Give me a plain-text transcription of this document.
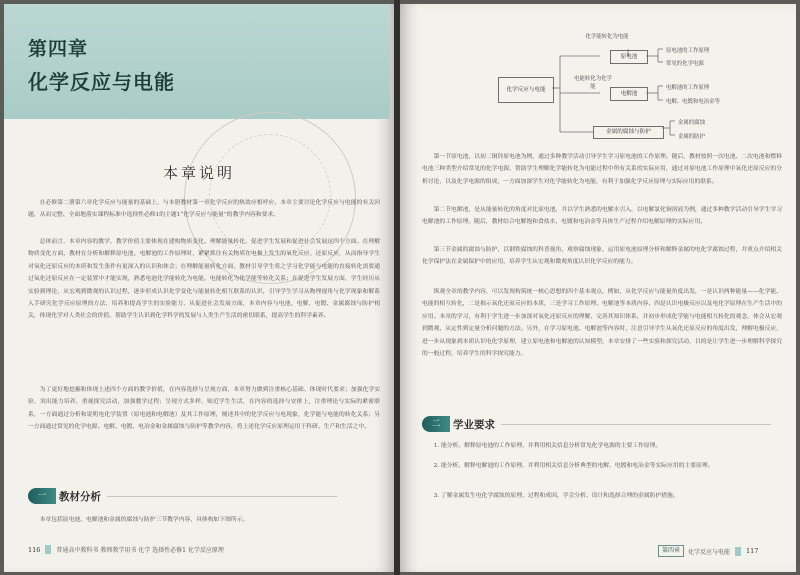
第四章
化学反应与电能
本章说明

在必修第二册第六章化学反应与能量的基础上，与本册教材第一章化学反应的热效应相呼应，本章主要讨论化学反应与电能的有关问题，从而完整、全面地落实课程标准中选择性必修1的主题1“化学反应与能量”的教学内容和要求。

总体而言，本章内容的教学，教学价值主要体现在建构物质变化、理解能量转化、促进学生发展和促进社会发展这四个方面。在理解物质变化方面，教材在分析和解释原电池、电解池的工作原理时，紧紧抓住有关物质在电极上发生的氧化反应、还原反应，从而指导学生对氧化还原反应的本质和发生条件有更深入的认识和体会；在理解能量转化方面，教材引导学生将之学习化学能与电能的直接转化需要通过氧化还原反应在一定装置中才能实现，熟悉电池化学能转化为电能，电能转化为化学能等转化关系；在促进学生发展方面，学生经历从实验到理论，从宏观到微观的认识过程，逐步形成认识化学变化与能量转化相互联系的认识，引导学生学习从物理视角与化学现象和解系入手研究化学反应原理的方法，培养和提高学生的实验能力，从促进社会发展方面，本章内容与电池、电解、电镀、金属腐蚀与防护相关，体现化学对人类社会的价值，帮助学生认识到化学科学的发展与人类生产生活的密切联系，提高学生的科学素养。

为了更好地挖掘和体现上述四个方面的教学价值，在内容选择与呈现方面，本章努力做到注重核心基础、体现时代要求；加强化学实验，突出能力培养，重视探究活动，加强教学过程；呈现方式多样，贴近学生生活，在内容的选择与安排上，注重理论与实际的紧密联系，一方面通过分析和说明电化学装置（原电池和电解池）及其工作原理，阐述其中的化学反应与电现象，化学能与电能的转化关系；另一方面通过常见的化学电源、电解、电镀、电冶金和金属腐蚀与防护等教学内容，将上述化学反应原理运用于科研、生产和生活之中。

一	教材分析

本章包括原电池、电解池和金属的腐蚀与防护三节教学内容，具体构如下图所示。

116	普通高中教科书 教师教学用书 化学 选择性必修1 化学反应原理
化学反应与电能
化学能转化为电能
原电池
电能转化为化学能
电解池
金属的腐蚀与防护
原电池的工作原理
常见的化学电源
电解池的工作原理
电解、电镀和电冶金等
金属的腐蚀
金属的防护

第一节原电池，以初二铜锌原电池为例，通过多种教学活动引导学生学习原电池的工作原理。随后，教材按照一次电池、二次电池和燃料电池三种类型介绍常见的化学电源，帮助学生理解化学能转化为电能过程中所有关系的实际应用，通过对原电池工作原理中氧化还原反应的分析讨论，以及化学电源的组成，一方面加深学生对化学能转化为电能，有利于加强化学反应原理与实际应用的联系。

第二节电解池，是从能量转化的角度对比原电池，并以学生熟悉的电解水引入，以电解氯化铜溶液为例，通过多种教学活动引导学生学习电解池的工作原理。随后，教材结合电解饱和食盐水、电镀和电冶金等具体生产过程介绍电解原理的实际应用。

第三节金属的腐蚀与防护，以钢铁腐蚀的科普视角，观察腐蚀现象，运用原电池原理分析和解释金属的电化学腐蚀过程，并重点介绍相关化学保护法在金属保护中的应用，培养学生从宏观和微观角度认识化学反应的能力。

纵观全章的教学内容，可以发现构筑统一核心思想的四个基本观点，例如，从化学反应与能量角度出发，一是认识两种能量——化学能、电能的相互转化，二是揭示氧化还原反应的本质，三是学习工作原理、电解池等本质内容，四是认识电极反应以及电化学原理在生产生活中的应用。本章的学习，有利于学生进一步加深对氧化还原反应的理解，完善其知识体系，并初步形成化学能与电能相互转化的观念，体会从宏观到微观、从定性到定量分析问题的方法。另外，在学习原电池、电解池等内容时，注意引导学生从氧化还原反应的角度出发，理解电极反应，进一步从现象到本质认识电化学原理，建立原电池和电解池的认知模型。本章安排了一些实验和探究活动，目的是让学生进一步理解科学探究的一般过程，培养学生的科学探究能力。

二	学业要求

1. 能分析、解释原电池的工作原理，并利用相关信息分析常见化学电源的主要工作原理。

2. 能分析、解释电解池的工作原理，并利用相关信息分析典型的电解、电镀和电冶金等实际应用的主要原理。

3. 了解金属发生电化学腐蚀的原理、过程和成因，学会分析、设计和选择合理的金属防护措施。

第四章	化学反应与电能 117
